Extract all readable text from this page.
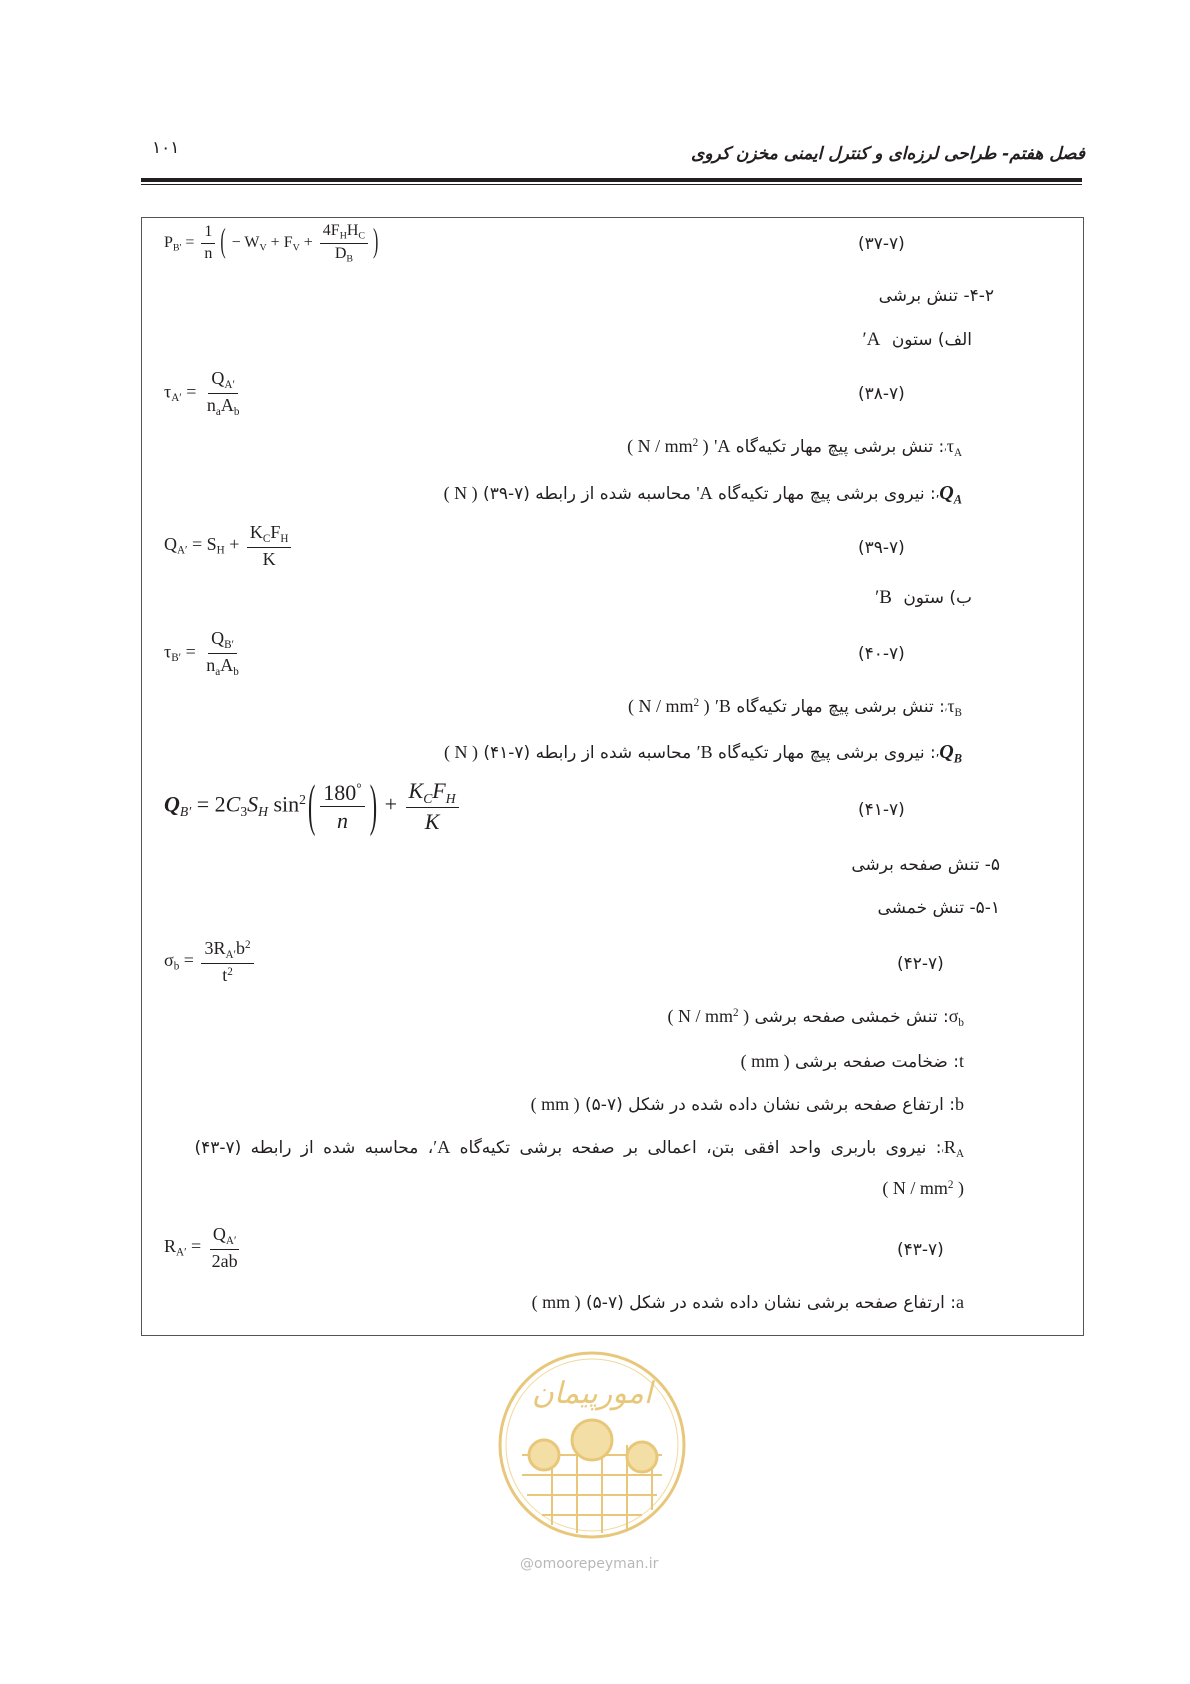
۱۰۱	فصل هفتم- طراحی لرزه‌ای و کنترل ایمنی مخزن کروی
$P_{B'} = \frac{1}{n}$ ( − $W_V + F_V + \frac{4F_HH_C}{D_B}$ )	(۳۷-۷)
۴-۲- تنش برشی
الف) ستون A′
$\tau_{A'} = \frac{Q_{A'}}{n_aA_b}$	(۳۸-۷)
$\tau_{A'}$: تنش برشی پیچ مهار تکیه‌گاه A' ( N / $mm^2$ )
$Q_{A'}$: نیروی برشی پیچ مهار تکیه‌گاه A' محاسبه شده از رابطه (۷-۳۹) ( N )
$Q_{A'} = S_H + \frac{K_CF_H}{K}$	(۳۹-۷)
ب) ستون B′
$\tau_{B'} = \frac{Q_{B'}}{n_aA_b}$	(۴۰-۷)
$\tau_{B'}$: تنش برشی پیچ مهار تکیه‌گاه B′ ( N / $mm^2$ )
$Q_{B'}$: نیروی برشی پیچ مهار تکیه‌گاه B′ محاسبه شده از رابطه (۷-۴۱) ( N )
$Q_{B'} = 2C_3S_H$ $\sin^2( \frac{180^\circ}{n}$ ) + $\frac{K_CF_H}{K}$	(۴۱-۷)
۵- تنش صفحه برشی
۵-۱- تنش خمشی
$\sigma_b = \frac{3R_{A'}b^2}{t^2}$	(۴۲-۷)
$\sigma_b$: تنش خمشی صفحه برشی ( N / $mm^2$ )
t: ضخامت صفحه برشی ( mm )
b: ارتفاع صفحه برشی نشان داده شده در شکل (۷-۵) ( mm )
$R_{A'}$: نیروی باربری واحد افقی بتن، اعمالی بر صفحه برشی تکیه‌گاه A′، محاسبه شده از رابطه (۷-۴۳)
( N / $mm^2$ )
$R_{A'} = \frac{Q_{A'}}{2ab}$	(۴۳-۷)
a: ارتفاع صفحه برشی نشان داده شده در شکل (۷-۵) ( mm )
امورپیمان
@omoorepeyman.ir
